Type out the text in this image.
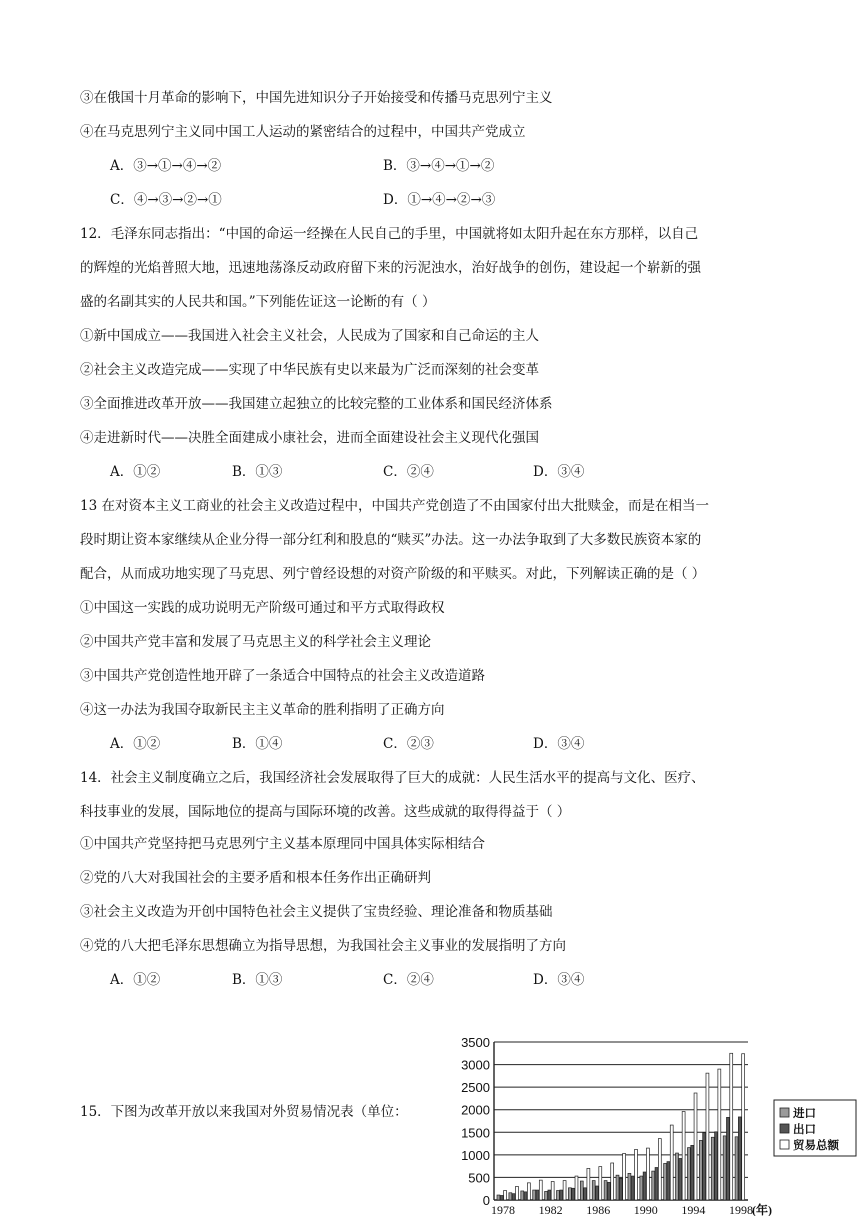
③在俄国十月革命的影响下，中国先进知识分子开始接受和传播马克思列宁主义
④在马克思列宁主义同中国工人运动的紧密结合的过程中，中国共产党成立
A．③→①→④→②	B．③→④→①→②
C．④→③→②→①	D．①→④→②→③
12．毛泽东同志指出：“中国的命运一经操在人民自己的手里，中国就将如太阳升起在东方那样，以自己
的辉煌的光焰普照大地，迅速地荡涤反动政府留下来的污泥浊水，治好战争的创伤，建设起一个崭新的强
盛的名副其实的人民共和国。”下列能佐证这一论断的有（ ）
①新中国成立——我国进入社会主义社会，人民成为了国家和自己命运的主人
②社会主义改造完成——实现了中华民族有史以来最为广泛而深刻的社会变革
③全面推进改革开放——我国建立起独立的比较完整的工业体系和国民经济体系
④走进新时代——决胜全面建成小康社会，进而全面建设社会主义现代化强国
A．①②	B．①③	C．②④	D．③④
13 在对资本主义工商业的社会主义改造过程中，中国共产党创造了不由国家付出大批赎金，而是在相当一
段时期让资本家继续从企业分得一部分红利和股息的“赎买”办法。这一办法争取到了大多数民族资本家的
配合，从而成功地实现了马克思、列宁曾经设想的对资产阶级的和平赎买。对此，下列解读正确的是（ ）
①中国这一实践的成功说明无产阶级可通过和平方式取得政权
②中国共产党丰富和发展了马克思主义的科学社会主义理论
③中国共产党创造性地开辟了一条适合中国特点的社会主义改造道路
④这一办法为我国夺取新民主主义革命的胜利指明了正确方向
A．①②	B．①④	C．②③	D．③④
14．社会主义制度确立之后，我国经济社会发展取得了巨大的成就：人民生活水平的提高与文化、医疗、
科技事业的发展，国际地位的提高与国际环境的改善。这些成就的取得得益于（ ）
①中国共产党坚持把马克思列宁主义基本原理同中国具体实际相结合
②党的八大对我国社会的主要矛盾和根本任务作出正确研判
③社会主义改造为开创中国特色社会主义提供了宝贵经验、理论准备和物质基础
④党的八大把毛泽东思想确立为指导思想，为我国社会主义事业的发展指明了方向
A．①②	B．①③	C．②④	D．③④
15．下图为改革开放以来我国对外贸易情况表（单位：
0
500
1000
1500
2000
2500
3000
3500
1978 1982 1986 1990 1994 1998
(年)
进口
出口
贸易总额
